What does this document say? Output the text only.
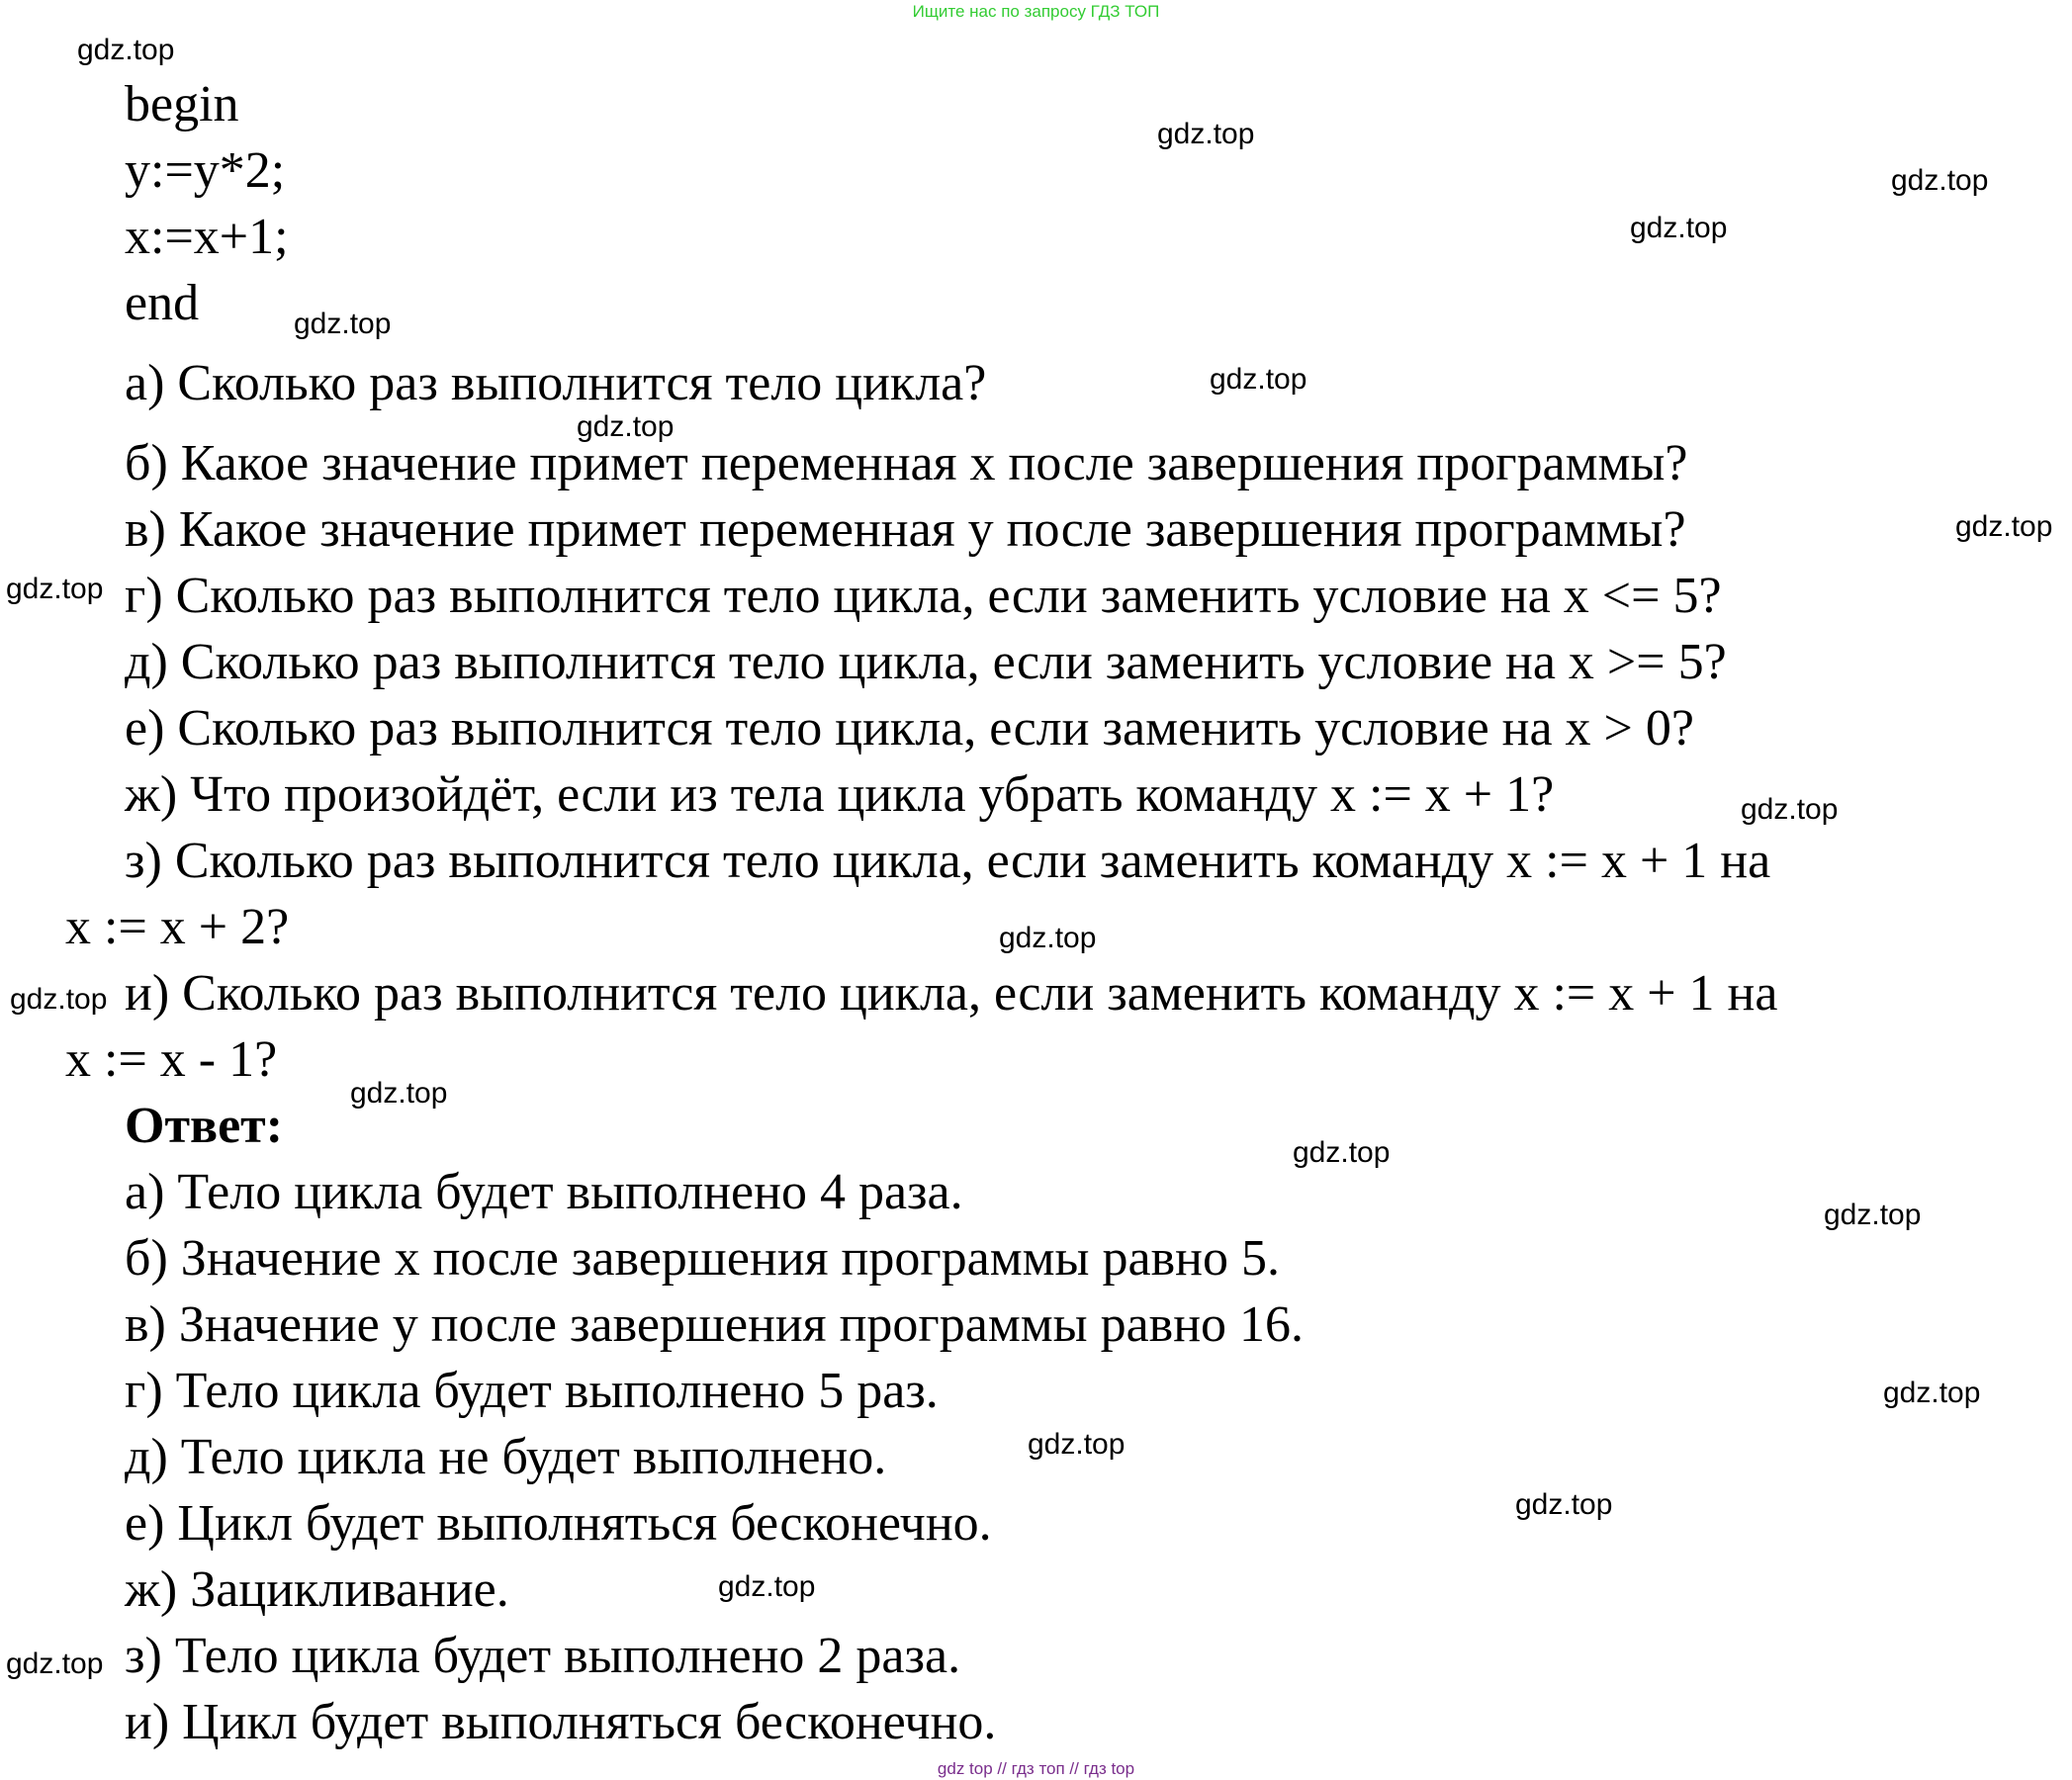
Ищите нас по запросу ГДЗ ТОП
begin
y:=y*2;
x:=x+1;
end
а) Сколько раз выполнится тело цикла?
б) Какое значение примет переменная x после завершения программы?
в) Какое значение примет переменная y после завершения программы?
г) Сколько раз выполнится тело цикла, если заменить условие на x <= 5?
д) Сколько раз выполнится тело цикла, если заменить условие на x >= 5?
е) Сколько раз выполнится тело цикла, если заменить условие на x > 0?
ж) Что произойдёт, если из тела цикла убрать команду x := x + 1?
з) Сколько раз выполнится тело цикла, если заменить команду x := x + 1 на
x := x + 2?
и) Сколько раз выполнится тело цикла, если заменить команду x := x + 1 на
x := x - 1?
Ответ:
а) Тело цикла будет выполнено 4 раза.
б) Значение x после завершения программы равно 5.
в) Значение y после завершения программы равно 16.
г) Тело цикла будет выполнено 5 раз.
д) Тело цикла не будет выполнено.
е) Цикл будет выполняться бесконечно.
ж) Зацикливание.
з) Тело цикла будет выполнено 2 раза.
и) Цикл будет выполняться бесконечно.
gdz.top
gdz.top
gdz.top
gdz.top
gdz.top
gdz.top
gdz.top
gdz.top
gdz.top
gdz.top
gdz.top
gdz.top
gdz.top
gdz.top
gdz.top
gdz.top
gdz.top
gdz.top
gdz.top
gdz.top
gdz top // гдз топ // гдз top
